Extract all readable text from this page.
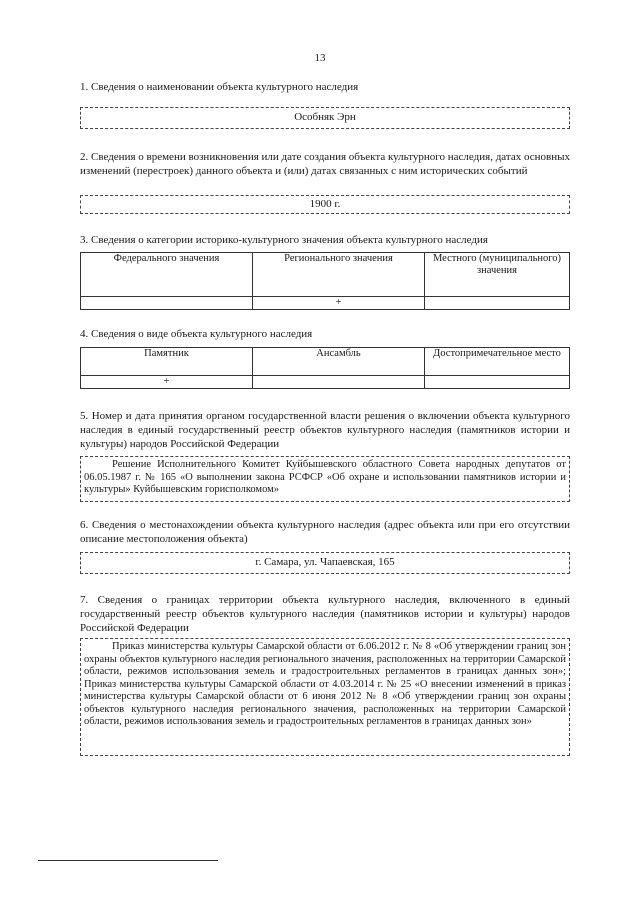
13
1. Сведения о наименовании объекта культурного наследия
Особняк Эрн
2. Сведения о времени возникновения или дате создания объекта культурного наследия, датах основных изменений (перестроек) данного объекта и (или) датах связанных с ним исторических событий
1900 г.
3. Сведения о категории историко-культурного значения объекта культурного наследия
Федерального значения	Регионального значения	Местного (муниципального) значения
	+	
4. Сведения о виде объекта культурного наследия
Памятник	Ансамбль	Достопримечательное место
+		
5. Номер и дата принятия органом государственной власти решения о включении объекта культурного наследия в единый государственный реестр объектов культурного наследия (памятников истории и культуры) народов Российской Федерации
Решение Исполнительного Комитет Куйбышевского областного Совета народных депутатов от 06.05.1987 г. № 165 «О выполнении закона РСФСР «Об охране и использовании памятников истории и культуры» Куйбышевским горисполкомом»
6. Сведения о местонахождении объекта культурного наследия (адрес объекта или при его отсутствии описание местоположения объекта)
г. Самара, ул. Чапаевская, 165
7. Сведения о границах территории объекта культурного наследия, включенного в единый государственный реестр объектов культурного наследия (памятников истории и культуры) народов Российской Федерации
Приказ министерства культуры Самарской области от 6.06.2012 г. № 8 «Об утверждении границ зон охраны объектов культурного наследия регионального значения, расположенных на территории Самарской области, режимов использования земель и градостроительных регламентов в границах данных зон»; Приказ министерства культуры Самарской области от 4.03.2014 г. № 25 «О внесении изменений в приказ министерства культуры Самарской области от 6 июня 2012 № 8 «Об утверждении границ зон охраны объектов культурного наследия регионального значения, расположенных на территории Самарской области, режимов использования земель и градостроительных регламентов в границах данных зон»
